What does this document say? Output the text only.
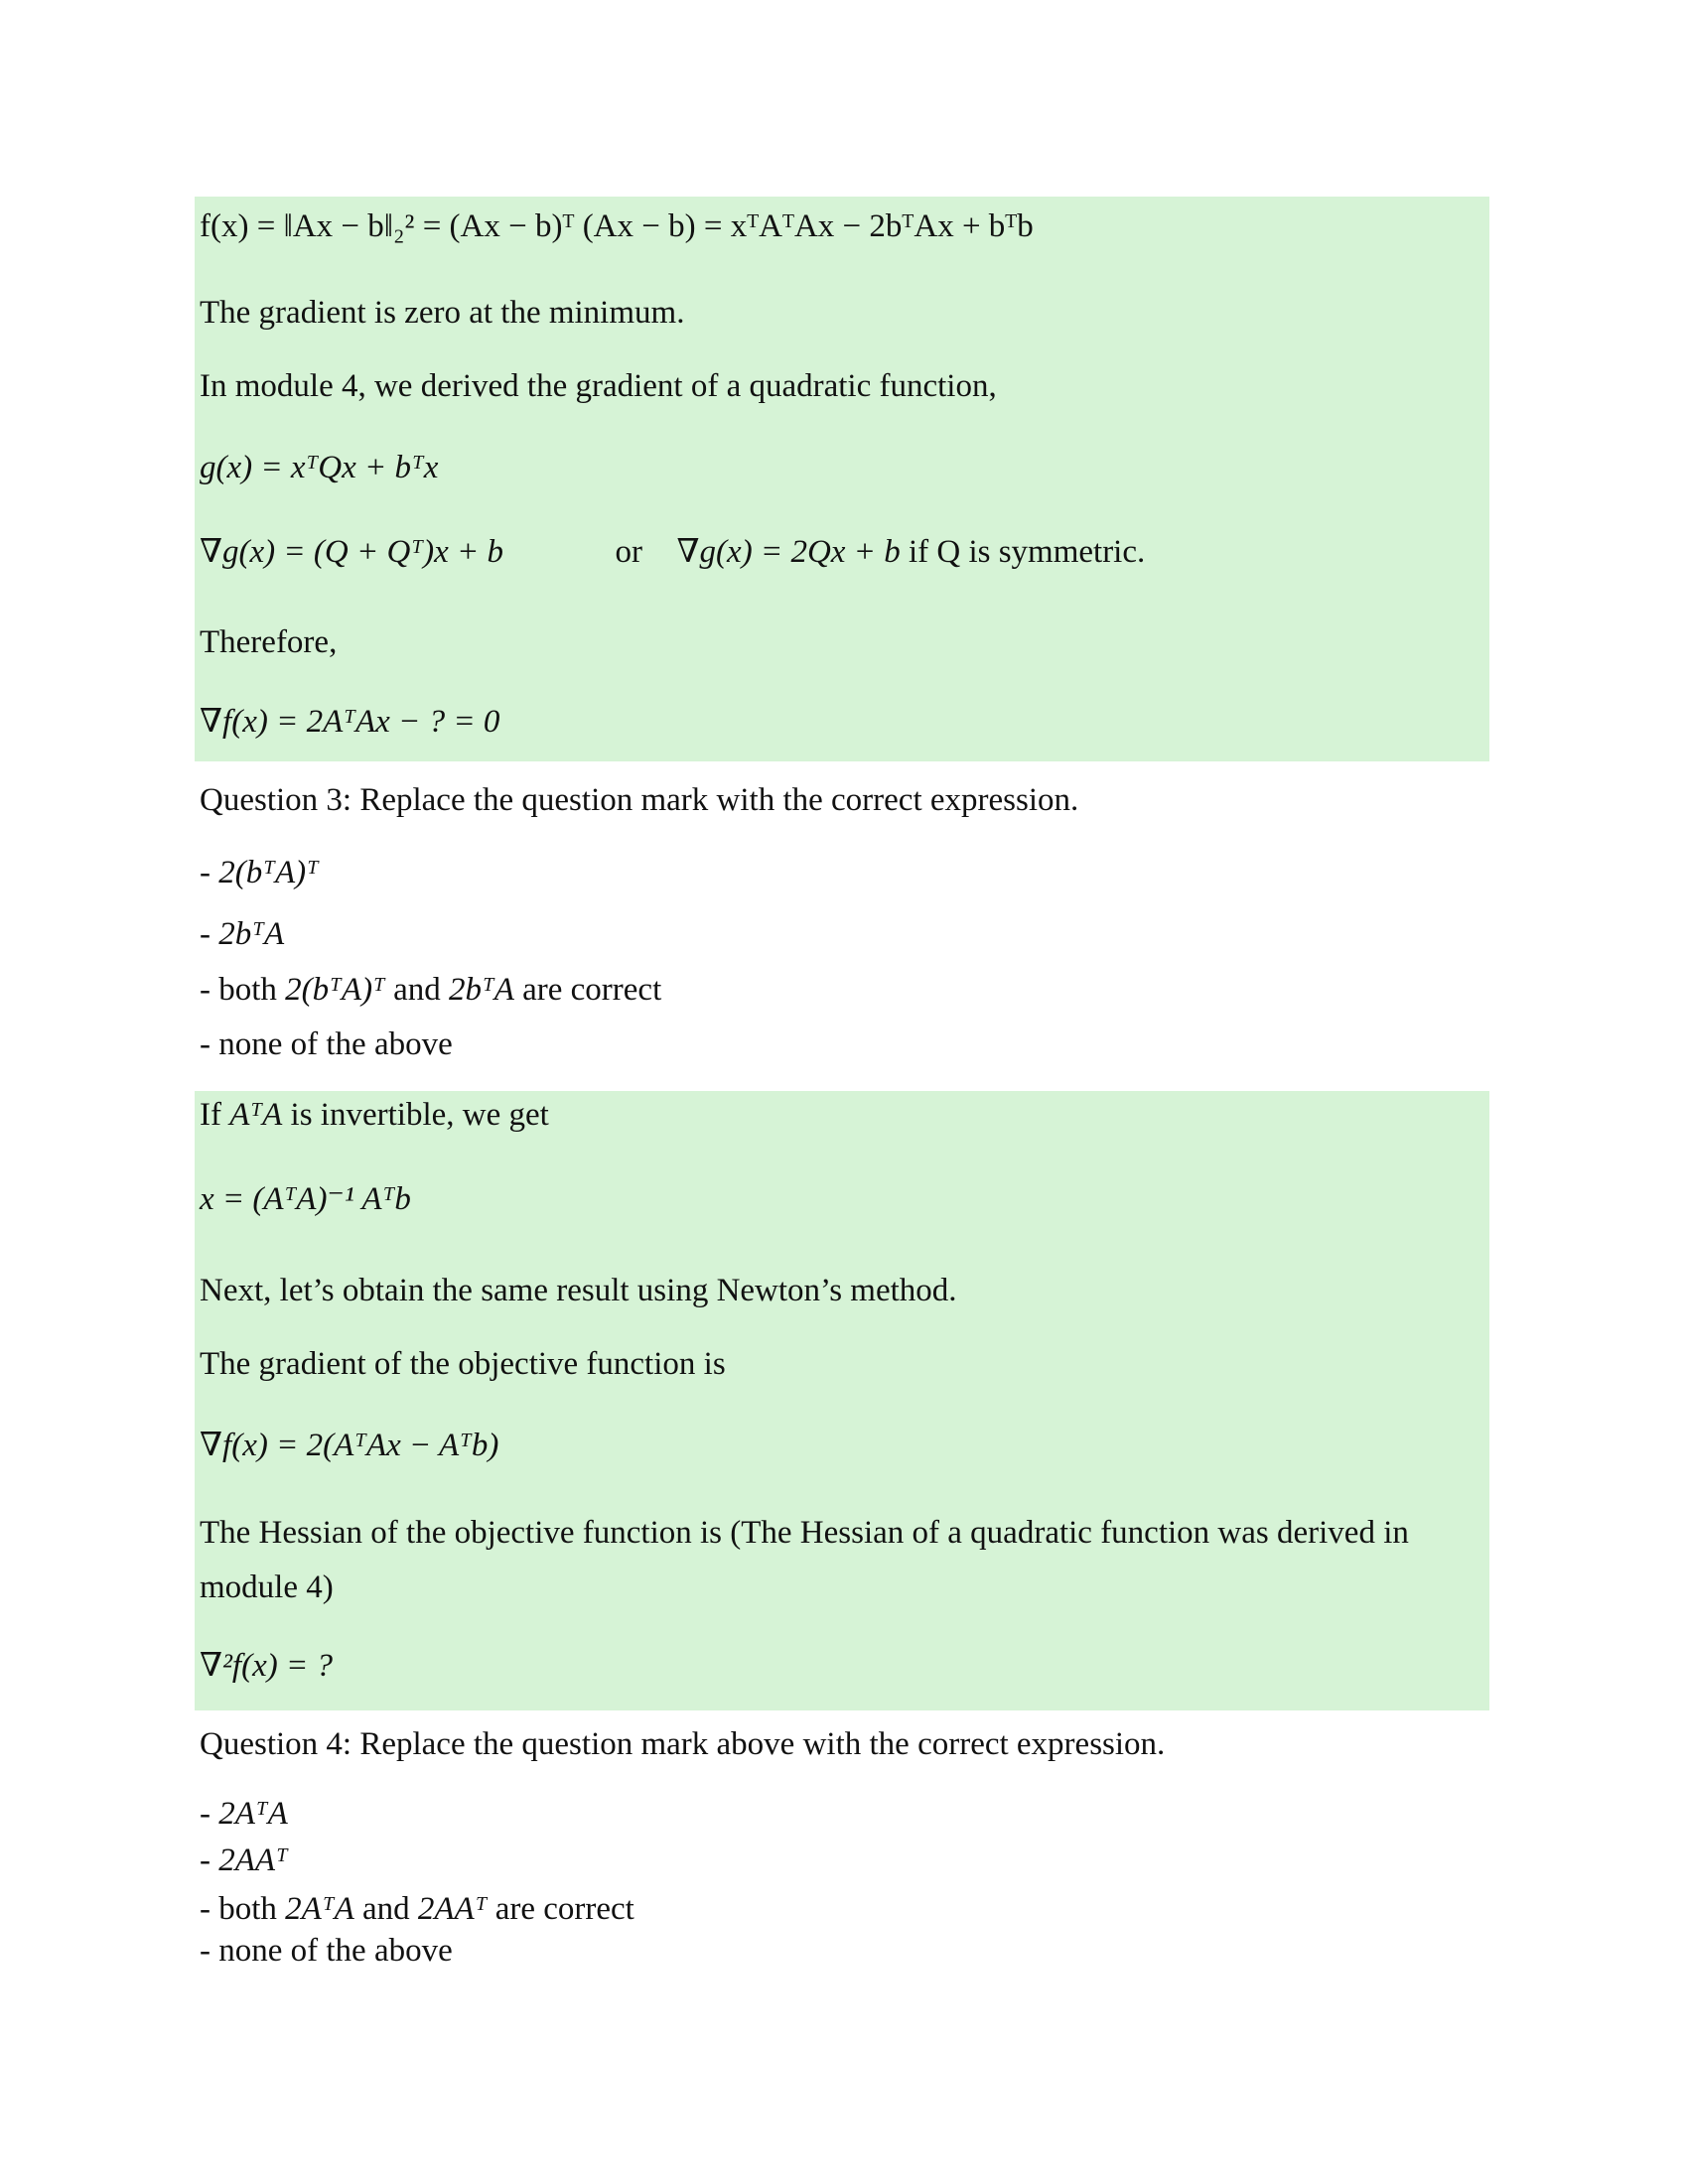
f(x) = ‖Ax − b‖₂² = (Ax − b)ᵀ (Ax − b) = xᵀAᵀAx − 2bᵀAx + bᵀb
The gradient is zero at the minimum.
In module 4, we derived the gradient of a quadratic function,
g(x) = xᵀQx + bᵀx
∇g(x) = (Q + Qᵀ)x + b	or ∇g(x) = 2Qx + b if Q is symmetric.
Therefore,
∇f(x) = 2AᵀAx − ? = 0
Question 3: Replace the question mark with the correct expression.
- 2(bᵀA)ᵀ
- 2bᵀA
- both 2(bᵀA)ᵀ and 2bᵀA are correct
- none of the above
If AᵀA is invertible, we get
x = (AᵀA)⁻¹ Aᵀb
Next, let’s obtain the same result using Newton’s method.
The gradient of the objective function is
∇f(x) = 2(AᵀAx − Aᵀb)
The Hessian of the objective function is (The Hessian of a quadratic function was derived in
module 4)
∇²f(x) = ?
Question 4: Replace the question mark above with the correct expression.
- 2AᵀA
- 2AAᵀ
- both 2AᵀA and 2AAᵀ are correct
- none of the above
